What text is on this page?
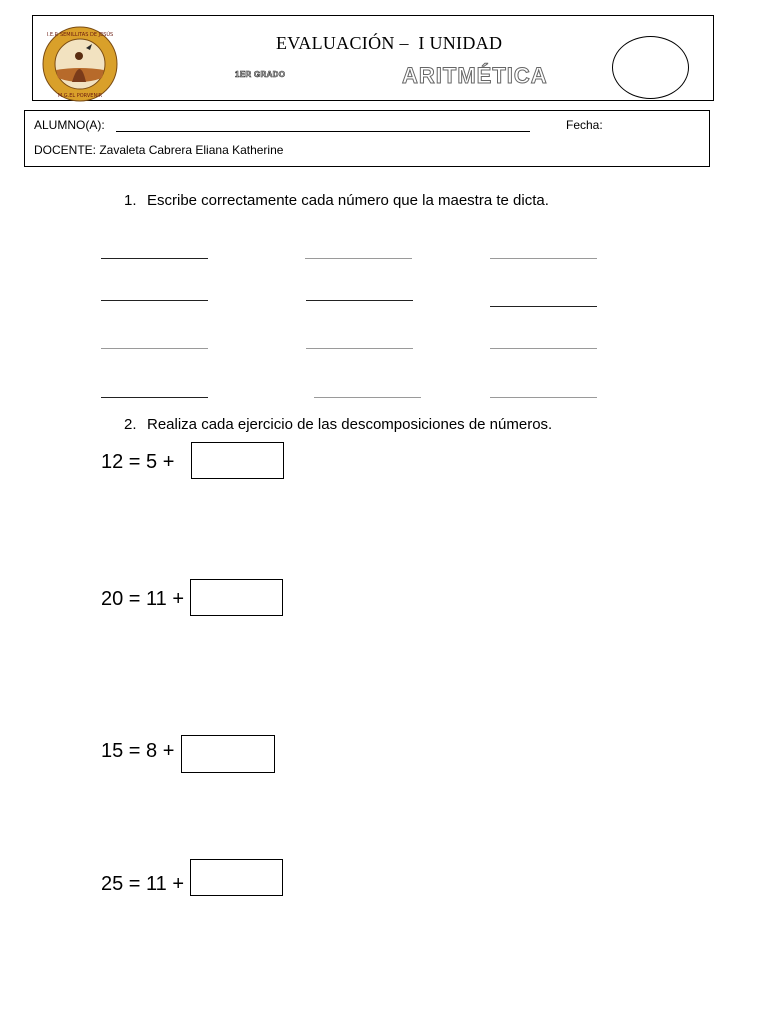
I.E.P. SEMILLITAS DE JESÚS
M.G.EL PORVENIR
EVALUACIÓN –  I UNIDAD
1ER GRADO	ARITMÉTICA
ALUMNO(A):	Fecha:
DOCENTE: Zavaleta Cabrera Eliana Katherine
1. Escribe correctamente cada número que la maestra te dicta.
2. Realiza cada ejercicio de las descomposiciones de números.
12 = 5 +
20 = 11 +
15 = 8 +
25 = 11 +
